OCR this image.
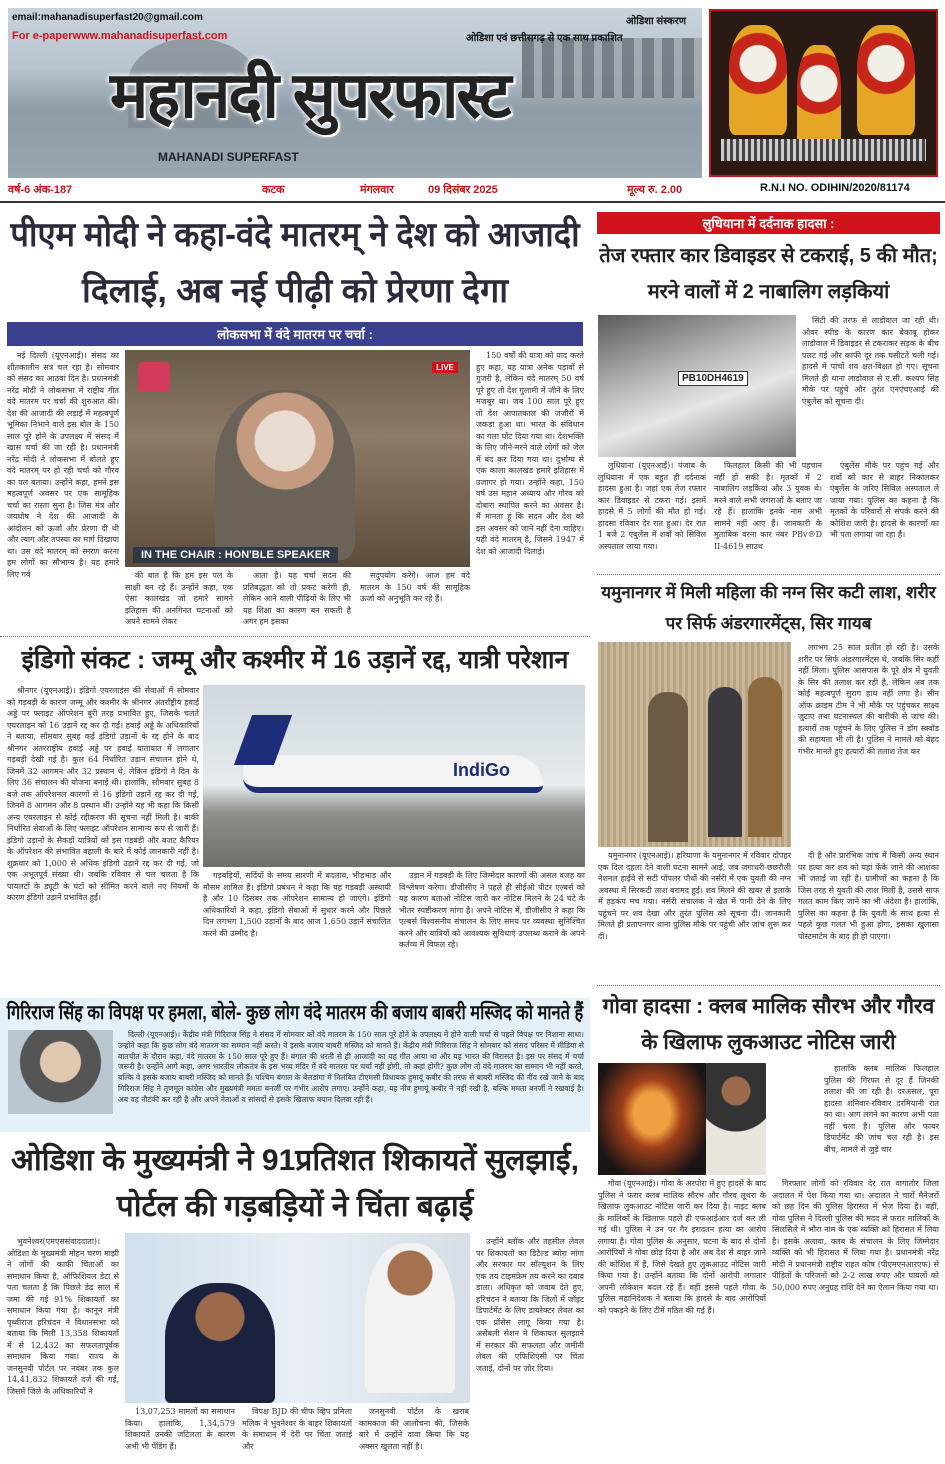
email:mahanadisuperfast20@gmail.com
For e-paperwww.mahanadisuperfast.com
ओडिशा संस्करण
ओडिशा एवं छत्तीसगढ़ से एक साथ प्रकाशित
महानदी सुपरफास्ट
MAHANADI SUPERFAST
वर्ष-6 अंक-187	कटक	मंगलवार	09 दिसंबर 2025	मूल्य रु. 2.00	R.N.I NO. ODIHIN/2020/81174
पीएम मोदी ने कहा-वंदे मातरम् ने देश को आजादी
दिलाई, अब नई पीढ़ी को प्रेरणा देगा
लोकसभा में वंदे मातरम पर चर्चा :

नई दिल्ली (यूएनआई)। संसद का शीतकालीन सत्र चल रहा है। सोमवार को संसद का आठवां दिन है। प्रधानमंत्री नरेंद्र मोदी ने लोकसभा में राष्ट्रीय गीत वंदे मातरम पर चर्चा की शुरुआत की। देश की आजादी की लड़ाई में महत्वपूर्ण भूमिका निभाने वाले इस बोल के 150 साल पूरे होने के उपलक्ष्य में संसद में खास चर्चा की जा रही है। प्रधानमंत्री नरेंद्र मोदी ने लोकसभा में बोलते हुए वंदे मातरम् पर हो रही चर्चा को गौरव का पल बताया। उन्होंने कहा, हमने इस महत्वपूर्ण अवसर पर एक सामूहिक चर्चा का रास्ता सुना है। जिस मंत्र और जयघोष ने देश की आजादी के आंदोलन को ऊर्जा और प्रेरणा दी थी और त्याग और तपस्या का मार्ग दिखाया था। उस वंदे मातरम् को स्मरण करना हम लोगों का सौभाग्य है। यह हमारे लिए गर्व

LIVE
IN THE CHAIR : HON'BLE SPEAKER

की बात है कि हम इस पल के साक्षी बन रहे हैं। उन्होंने कहा, एक ऐसा कालखंड जो हमारे सामने इतिहास की अनगिनत घटनाओं को अपने सामने लेकर

आता है। यह चर्चा सदन की प्रतिबद्धता को तो प्रकट करेगी ही, लेकिन आने वाली पीढ़ियों के लिए भी यह शिक्षा का कारण बन सकती है अगर हम इसका

सदुपयोग करेंगे। आज हम वंदे मातरम के 150 वर्ष की सामूहिक ऊर्जा को अनुभूति कर रहे हैं।

150 वर्षों की यात्रा को याद करते हुए कहा, यह यात्रा अनेक पड़ावों से गुजरी है, लेकिन वंदे मातरम् 50 वर्ष पूरे हुए तो देश गुलामी में जीने के लिए मजबूर था। जब 100 साल पूरे हुए तो देश आपातकाल की जंजीरों में जकड़ा हुआ था। भारत के संविधान का गला घोंट दिया गया था। देशभक्ति के लिए जीने-मरने वाले लोगों को जेल में बंद कर दिया गया था। दुर्भाग्य से एक काला कालखंड हमारे इतिहास में उजागर हो गया। उन्होंने कहा, 150 वर्ष उस महान अध्याय और गौरव को दोबारा स्थापित करने का अवसर है। मैं मानता हूं कि सदन और देश को इस अवसर को जाने नहीं देना चाहिए। यही वंदे मातरम् है, जिसने 1947 में देश को आजादी दिलाई।

इंडिगो संकट : जम्मू और कश्मीर में 16 उड़ानें रद्द, यात्री परेशान

श्रीनगर (यूएनआई)। इंडिगो एयरलाइंस की सेवाओं में सोमवार को गड़बड़ी के कारण जम्मू और कश्मीर के श्रीनगर अंतर्राष्ट्रीय हवाई अड्डे पर फ्लाइट ऑपरेशन बुरी तरह प्रभावित हुए, जिसके चलते एयरलाइन को 16 उड़ानें रद्द कर दी गईं। हवाई अड्डे के अधिकारियों ने बताया, सोमवार सुबह कई इंडिगो उड़ानों के रद्द होने के बाद श्रीनगर अंतरराष्ट्रीय हवाई अड्डे पर हवाई यातायात में लगातार गड़बड़ी देखी गई है। कुल 64 निर्धारित उड़ान संचालन होने थे, जिनमें 32 आगमन और 32 प्रस्थान थे, लेकिन इंडिगो ने दिन के लिए 36 संचालन की योजना बनाई थी। हालांकि, सोमवार सुबह 8 बजे तक ऑपरेशनल कारणों से 16 इंडिगो उड़ानें रद्द कर दी गईं, जिनमें 8 आगमन और 8 प्रस्थान थीं। उन्होंने यह भी कहा कि किसी अन्य एयरलाइन से कोई रद्दीकरण की सूचना नहीं मिली है। बाकी निर्धारित सेवाओं के लिए फ्लाइट ऑपरेशन सामान्य रूप से जारी हैं। इंडिगो उड़ानों के सैकड़ों यात्रियों को इस गड़बड़ी और बजट कैरियर के ऑपरेशन की संभावित बहाली के बारे में कोई जानकारी नहीं है। शुक्रवार को 1,000 से अधिक इंडिगो उड़ानें रद्द कर दी गईं, जो एक अभूतपूर्व संख्या थी। जबकि रविवार से चल चलता है कि पायलटों के ड्यूटी के घंटों को सीमित करने वाले नए नियमों के कारण इंडिगो उड़ानें प्रभावित हुईं।

IndiGo

गड़बड़ियों, सर्दियों के समय सारणी में बदलाव, भीड़भाड़ और मौसम शामिल हैं। इंडिगो प्रबंधन ने कहा कि यह गड़बड़ी अस्थायी है और 10 दिसंबर तक ऑपरेशन सामान्य हो जाएंगे। इंडिगो अधिकारियों ने कहा, इंडिगो सेवाओं में सुधार करने और पिछले दिन लगभग 1,500 उड़ानों के बाद आज 1,650 उड़ानें संचालित करने की उम्मीद है।

उड़ान में गड़बड़ी के लिए जिम्मेदार कारणों की असल वजह का विश्लेषण करेगा। डीजीसीए ने पहले ही सीईओ पीटर एल्बर्स को यह कारण बताओ नोटिस जारी कर नोटिस मिलने के 24 घंटे के भीतर स्पष्टीकरण मांगा है। अपने नोटिस में, डीजीसीए ने कहा कि एल्बर्स विश्वसनीय संचालन के लिए समय पर व्यवस्था सुनिश्चित करने और यात्रियों को आवश्यक सुविधाएं उपलब्ध कराने के अपने कर्तव्य में विफल रहे।

गिरिराज सिंह का विपक्ष पर हमला, बोले- कुछ लोग वंदे मातरम की बजाय बाबरी मस्जिद को मानते हैं

दिल्ली (यूएनआई)। केंद्रीय मंत्री गिरिराज सिंह ने संसद में सोमवार को वंदे मातरम के 150 साल पूरे होने के उपलक्ष्य में होने वाली चर्चा से पहले विपक्ष पर निशाना साधा। उन्होंने कहा कि कुछ लोग वंदे मातरम का सम्मान नहीं करते। वे इसके बजाय बाबरी मस्जिद को मानते हैं। केंद्रीय मंत्री गिरिराज सिंह ने सोमवार को संसद परिसर में मीडिया से बातचीत के दौरान कहा, वंदे मातरम के 150 साल पूरे हुए हैं। बंगाल की धरती से ही आजादी का यह गीत आया था और यह भारत की विरासत है। इस पर संसद में चर्चा जरूरी है। उन्होंने आगे कहा, अगर भारतीय लोकतंत्र के इस भव्य मंदिर में वंदे मातरम पर चर्चा नहीं होगी, तो कहां होगी? कुछ लोग तो वंदे मातरम का सम्मान भी नहीं करते, बल्कि वे इसके बजाय बाबरी मस्जिद को मानते हैं। पश्चिम बंगाल के बेलडांगा में निलंबित टीएमसी विधायक हुमायूं कबीर की तरफ से बाबरी मस्जिद की नींव रखे जाने के बाद गिरिराज सिंह ने तृणमूल कांग्रेस और मुख्यमंत्री ममता बनर्जी पर गंभीर आरोप लगाए। उन्होंने कहा, यह नींव हुमायूं कबीर ने नहीं रखी है, बल्कि ममता बनर्जी ने रखवाई है। अब वह नौटंकी कर रही है और अपने नेताओं व सांसदों से इसके खिलाफ बयान दिलवा रही हैं।

ओडिशा के मुख्यमंत्री ने 91प्रतिशत शिकायतें सुलझाई,
पोर्टल की गड़बड़ियों ने चिंता बढ़ाई

भुवनेश्वर(एमएससंवाददाता)। ओडिशा के मुख्यमंत्री मोहन चरण माझी ने लोगों की काफी चिंताओं का समाधान किया है, ऑफिशियल डेटा से पता चलता है कि पिछले डेढ़ साल में जमा की गई 91% शिकायतों का समाधान किया गया है। कानून मंत्री पृथ्वीराज हरिचंदन ने विधानसभा को बताया कि मिली 13,358 शिकायतों में से 12,432 का सफलतापूर्वक समाधान किया गया। राज्य के जनसुनवी पोर्टल पर नवंबर तक कुल 14,41,832 शिकायतें दर्ज की गईं, जिसमें जिले के अधिकारियों ने

13,07,253 मामलों का समाधान किया। हालांकि, 1,34,579 शिकायतें उनकी जटिलता के कारण अभी भी पेंडिंग हैं।

विपक्ष BJD की चीफ व्हिप प्रमिला मलिक ने भुवनेश्वर के बाहर शिकायतों के समाधान में देरी पर चिंता जताई और

जनसुनवी पोर्टल के खराब कामकाज की आलोचना की, जिसके बारे में उन्होंने दावा किया कि यह अक्सर खुलता नहीं है।

उन्होंने ब्लॉक और तहसील लेवल पर शिकायतों का डिटेल्ड ब्योरा मांगा और सरकार पर सॉल्यूशन के लिए एक तय टाइमफ्रेम तय करने का दबाव डाला। अधिकृत को जवाब देते हुए, हरिचंदन ने बताया कि जिलों में जॉइंट डिपार्टमेंट के लिए डायरेक्टर लेवल का एक प्रॉसेस लागू किया गया है। असेंबली सेशन ने शिकायत सुलझाने में सरकार की सफलता और जमीनी लेवल की एफिशिएंसी पर चिंता जताई, दोनों पर ज़ोर दिया।

लुधियाना में दर्दनाक हादसा :
तेज रफ्तार कार डिवाइडर से टकराई, 5 की मौत; मरने वालों में 2 नाबालिग लड़कियां
PB10DH4619

सिटी की तरफ से लाडोवाल जा रही थी। ओवर स्पीड के कारण कार बेकाबू होकर लाडोवाल में डिवाइडर से टकराकर सड़क के बीच पलट गई और काफी दूर तक घसीटते चली गई। हादसे में पांचों शव क्षत-विक्षत हो गए। सूचना मिलते ही थाना लाडोवाल से ए.सी. कश्यप सिंह मौके पर पहुंचे और तुरंत एनएचएआई की एंबुलेंस को सूचना दी।

लुधियाना (यूएनआई)। पंजाब के लुधियाना में एक बहुत ही दर्दनाक हादसा हुआ है। जहां एक तेज रफ्तार कार डिवाइडर से टकरा गई। इसमें हादसे में 5 लोगों की मौत हो गई। हादसा रविवार देर रात हुआ। देर रात 1 बजे 2 एंबुलेंस में शवों को सिविल अस्पताल लाया गया।

फिलहाल किसी की भी पहचान नहीं हो सकी है। मृतकों में 2 नाबालिग लड़कियां और 3 युवक थे। मरने वाले सभी जगराओं के बताए जा रहे हैं। हालांकि इनके नाम अभी सामने नहीं आए हैं। जानकारी के मुताबिक वरना कार नंबर PBv®D II-4619 साउथ

एंबुलेंस मौके पर पहुंच गई और शवों को कार से बाहर निकालकर एंबुलेंस के जरिए सिविल अस्पताल ले जाया गया। पुलिस का कहना है कि मृतकों के परिवारों से संपर्क करने की कोशिश जारी है। हादसे के कारणों का भी पता लगाया जा रहा है।

यमुनानगर में मिली महिला की नग्न सिर कटी लाश, शरीर पर सिर्फ अंडरगारमेंट्स, सिर गायब

लगभग 25 साल प्रतीत हो रही है। उसके शरीर पर सिर्फ अंडरगारमेंट्स थे, जबकि सिर कहीं नहीं मिला। पुलिस आसपास के पूरे क्षेत्र में युवती के सिर की तलाश कर रही है, लेकिन अब तक कोई महत्वपूर्ण सुराग हाथ नहीं लगा है। सीन ऑफ क्राइम टीम ने भी मौके पर पहुंचकर साक्ष्य जुटाए तथा घटनास्थल की बारीकी से जांच की। हत्यारों तक पहुंचने के लिए पुलिस ने डॉग स्क्वॉड की सहायता भी ली है। पुलिस ने मामले को बेहद गंभीर मानते हुए हत्यारों की तलाश तेज कर

यमुनानगर (यूएनआई)। हरियाणा के यमुनानगर में रविवार दोपहर एक दिल दहला देने वाली घटना सामने आई, जब जगाधरी-छछरौली नेशनल हाईवे से सटी पॉपलर पौधों की नर्सरी में एक युवती की नग्न अवस्था में सिरकटी लाश बरामद हुई। शव मिलने की खबर से इलाके में हड़कंप मच गया। नर्सरी संचालक ने खेत में पानी देने के लिए पहुंचने पर शव देखा और तुरंत पुलिस को सूचना दी। जानकारी मिलते ही प्रतापनगर थाना पुलिस मौके पर पहुंची और जांच शुरू कर दी।

दी है और प्रारंभिक जांच में किसी अन्य स्थान पर हत्या कर शव को यहां फेंके जाने की आशंका भी जताई जा रही है। ग्रामीणों का कहना है कि जिस तरह से युवती की लाश मिली है, उससे साफ गलत काम किए जाने का भी अंदेशा है। हालांकि, पुलिस का कहना है कि युवती के साथ हत्या से पहले कुछ गलत भी हुआ होगा, इसका खुलासा पोस्टमार्टम के बाद ही हो पाएगा।

गोवा हादसा : क्लब मालिक सौरभ और गौरव के खिलाफ लुकआउट नोटिस जारी

हालांकि क्लब मालिक फिलहाल पुलिस की गिरफ्त से दूर हैं जिनकी तलाश की जा रही है। दरअसल, पूरा हादसा शनिवार-रविवार दरमियानी रात का था। आग लगने का कारण अभी पता नहीं चला है। पुलिस और फायर डिपार्टमेंट की जांच चल रही है। इस बीच, मामले से जुड़े चार

गोवा (यूएनआई)। गोवा के अरपोरा में हुए हादसे के बाद पुलिस ने फरार क्लब मालिक सौरभ और गौरव लूथरा के खिलाफ लुकआउट नोटिस जारी कर दिया है। नाइट क्लब के मालिकों के खिलाफ पहले ही एफआईआर दर्ज कर ली गई थी। पुलिस ने उन पर गैर इरादतन हत्या का आरोप लगाया है। गोवा पुलिस के अनुसार, घटना के बाद से दोनों आरोपियों ने गोवा छोड़ दिया है और अब देश से बाहर जाने की कोशिश में हैं, जिसे देखते हुए लुकआउट नोटिस जारी किया गया है। उन्होंने बताया कि दोनों आरोपी लगातार अपनी लोकेशन बदल रहे हैं। वहीं इससे पहले गोवा के पुलिस महानिदेशक ने बताया कि हादसे के बाद आरोपियों को पकड़ने के लिए टीमें गठित की गई हैं।

गिरफ्तार लोगों को रविवार देर रात वागातोर जिला अदालत में पेश किया गया था। अदालत ने चारों मैनेजरों को छह दिन की पुलिस हिरासत में भेज दिया है। वहीं, गोवा पुलिस ने दिल्ली पुलिस की मदद से फरार मालिकों के सिलसिले में भौरा नाम के एक व्यक्ति को हिरासत में लिया है। इसके अलावा, क्लब के संचालन के लिए जिम्मेदार व्यक्ति को भी हिरासत में लिया गया है। प्रधानमंत्री नरेंद्र मोदी ने प्रधानमंत्री राष्ट्रीय राहत कोष (पीएमएनआरएफ) से पीड़ितों के परिजनों को 2-2 लाख रुपए और घायलों को 50,000 रुपए अनुग्रह राशि देने का ऐलान किया गया था।
